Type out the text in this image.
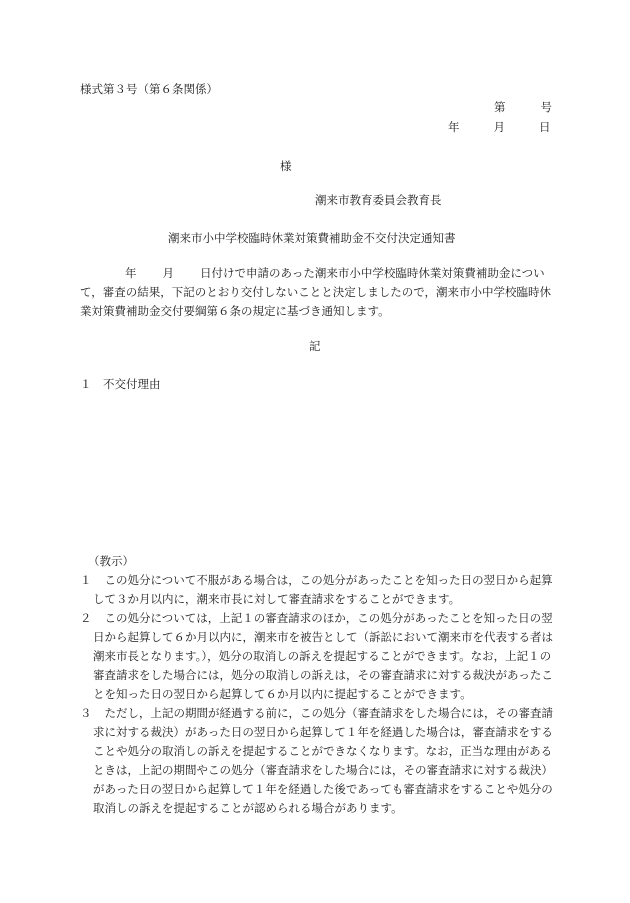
様式第３号（第６条関係）
第	号
年	月	日
様
潮来市教育委員会教育長
潮来市小中学校臨時休業対策費補助金不交付決定通知書
年 月 日付けで申請のあった潮来市小中学校臨時休業対策費補助金について，審査の結果，下記のとおり交付しないことと決定しましたので，潮来市小中学校臨時休業対策費補助金交付要綱第６条の規定に基づき通知します。
記
１　不交付理由
（教示）

１ 　この処分について不服がある場合は，この処分があったことを知った日の翌日から起算して３か月以内に，潮来市長に対して審査請求をすることができます。

２ 　この処分については，上記１の審査請求のほか，この処分があったことを知った日の翌日から起算して６か月以内に，潮来市を被告として（訴訟において潮来市を代表する者は潮来市長となります。），処分の取消しの訴えを提起することができます。なお，上記１の審査請求をした場合には，処分の取消しの訴えは，その審査請求に対する裁決があったことを知った日の翌日から起算して６か月以内に提起することができます。

３ 　ただし，上記の期間が経過する前に，この処分（審査請求をした場合には，その審査請求に対する裁決）があった日の翌日から起算して１年を経過した場合は，審査請求をすることや処分の取消しの訴えを提起することができなくなります。なお，正当な理由があるときは，上記の期間やこの処分（審査請求をした場合には，その審査請求に対する裁決）があった日の翌日から起算して１年を経過した後であっても審査請求をすることや処分の取消しの訴えを提起することが認められる場合があります。
